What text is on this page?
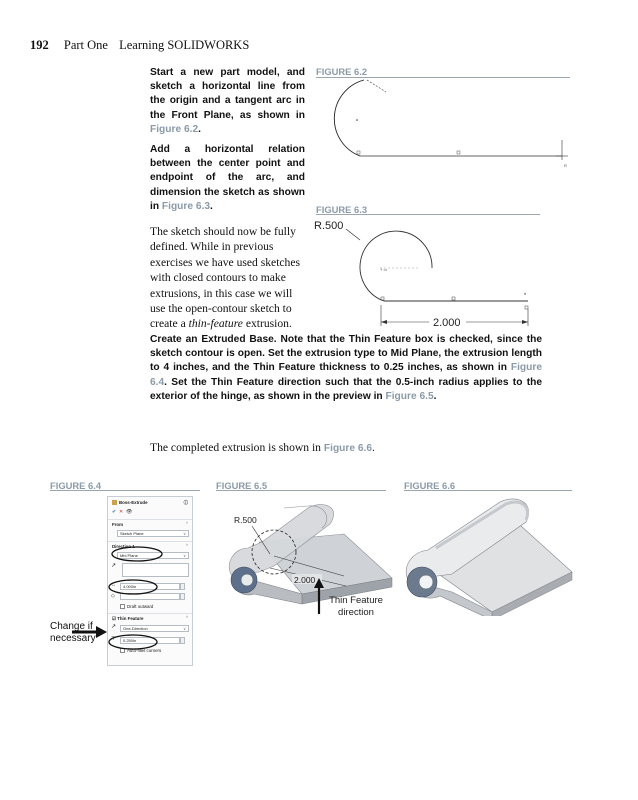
192 Part One Learning SOLIDWORKS

Start a new part model, and sketch a horizontal line from the origin and a tangent arc in the Front Plane, as shown in Figure 6.2.

Add a horizontal relation between the center point and endpoint of the arc, and dimension the sketch as shown in Figure 6.3.

The sketch should now be fully defined. While in previous exercises we have used sketches with closed contours to make extrusions, in this case we will use the open-contour sketch to create a thin-feature extrusion.

Create an Extruded Base. Note that the Thin Feature box is checked, since the sketch contour is open. Set the extrusion type to Mid Plane, the extrusion length to 4 inches, and the Thin Feature thickness to 0.25 inches, as shown in Figure 6.4. Set the Thin Feature direction such that the 0.5-inch radius applies to the exterior of the hinge, as shown in the preview in Figure 6.5.

The completed extrusion is shown in Figure 6.6.

FIGURE 6.2
R
FIGURE 6.3
R.500
+ ▭
♦
2.000
FIGURE 6.4	FIGURE 6.5	FIGURE 6.6
Boss-Extrude	ⓘ
✔ ✕ 👁
From	^
Sketch Plane ∨
Direction 1	^
Mid Plane ∨
↗
↔	4.000in
◇
Draft outward
☑ Thin Feature	^
↗	One-Direction ∨
⊤	0.250in
Auto-fillet corners
Change if necessary
R.500
2.000
Thin Feature direction
